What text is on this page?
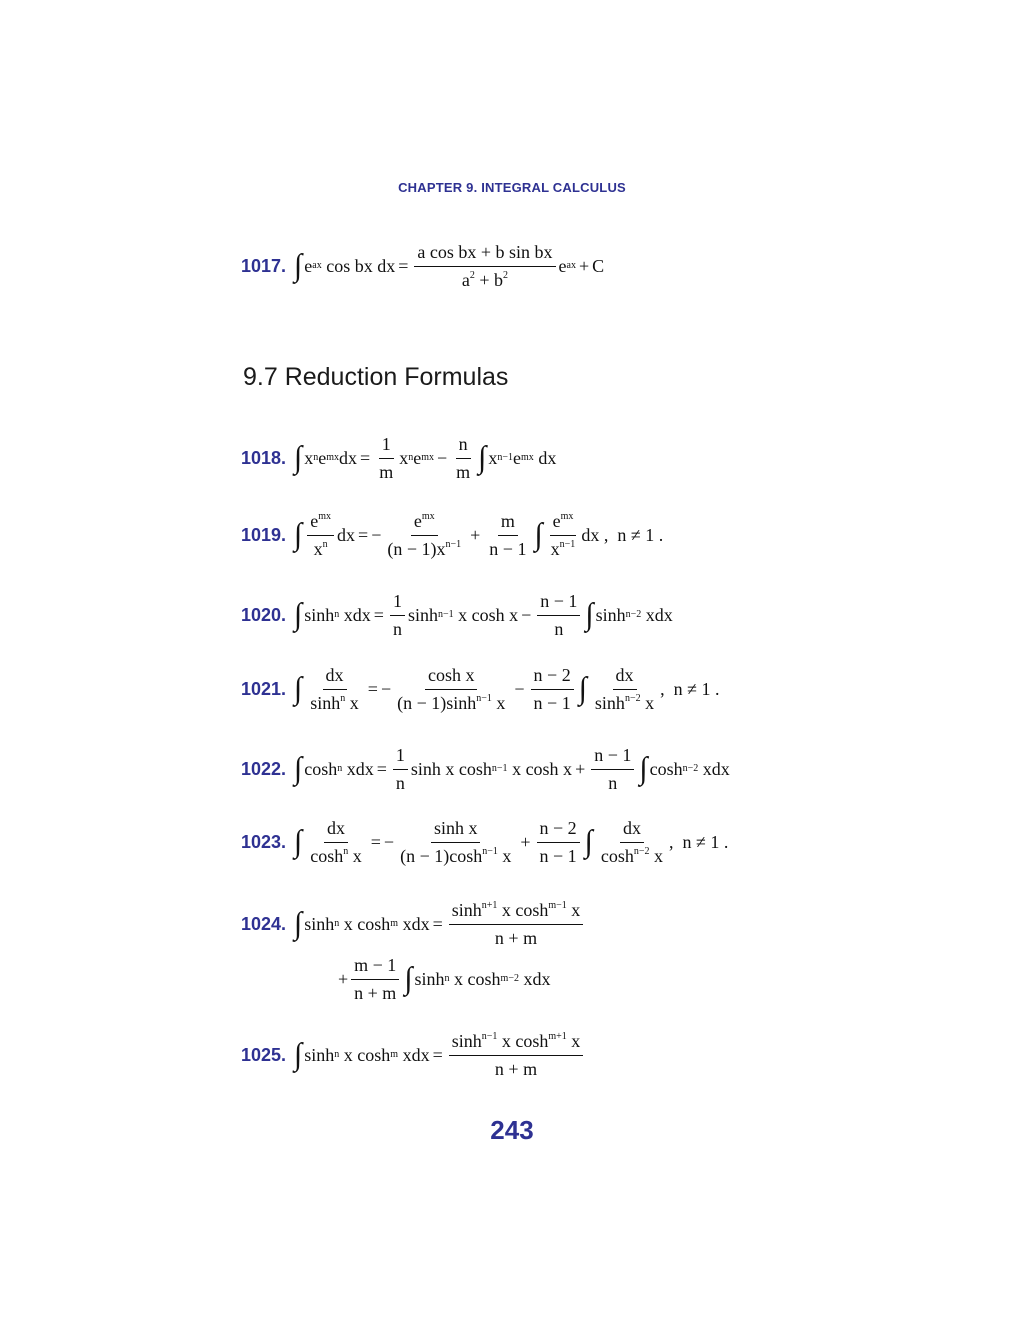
CHAPTER 9. INTEGRAL CALCULUS
1017. ∫ e ax cos bx dx = $\frac{\text{a cos bx + b sin bx}}{a^2 + b^2}$ e ax + C
9.7 Reduction Formulas
1018. ∫ x n e mx dx = $\frac{1}{m}$ x n e mx − $\frac{n}{m}$ ∫ x n−1 e mx dx
1019. ∫ $\frac{e^{mx}}{x^n}$ dx = − $\frac{e^{mx}}{(n - 1)x^{n-1}} + \frac{m}{n - 1}$ ∫ $\frac{e^{mx}}{x^{n-1}}$ dx ,  n ≠ 1 .
1020. ∫ sinh n xdx = $\frac{1}{n}$ sinh n−1 x $\cosh x - \frac{n - 1}{n}$ ∫ sinh n−2 xdx
1021. ∫ $\frac{dx}{\sinh^n x}$ = − $\frac{\text{cosh x}}{(n - 1)\sinh^{n-1} x} - \frac{n - 2}{n - 1}$ ∫ $\frac{dx}{\sinh^{n-2} x}$ ,  n ≠ 1 .
1022. ∫ cosh n xdx = $\frac{1}{n}$ sinh x cosh n−1 x $\cosh x + \frac{n - 1}{n}$ ∫ cosh n−2 xdx
1023. ∫ $\frac{dx}{\cosh^n x}$ = − $\frac{\text{sinh x}}{(n - 1)\cosh^{n-1} x} + \frac{n - 2}{n - 1}$ ∫ $\frac{dx}{\cosh^{n-2} x}$ ,  n ≠ 1 .
1024. ∫ sinh n x cosh m xdx = $\frac{\sinh^{n+1} x \cosh^{m-1} x}{n + m}$
+ $\frac{m - 1}{n + m}$ ∫ sinh n x cosh m−2 xdx
1025. ∫ sinh n x cosh m xdx = $\frac{\sinh^{n-1} x \cosh^{m+1} x}{n + m}$
243
